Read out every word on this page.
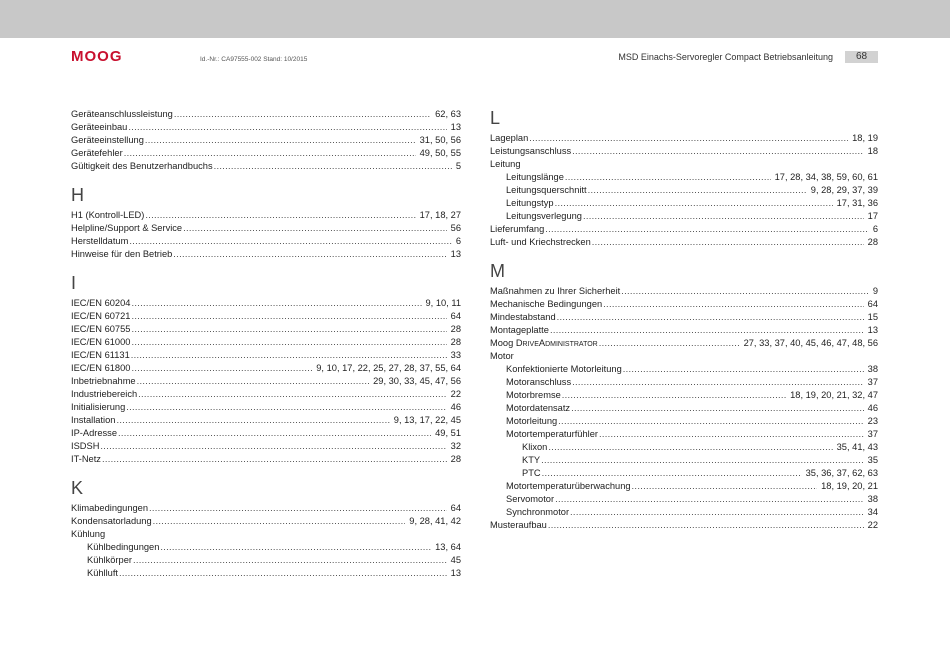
MOOG	Id.-Nr.: CA97555-002 Stand: 10/2015	MSD Einachs-Servoregler Compact Betriebsanleitung	68
Geräteanschlussleistung .....	62, 63
Geräteeinbau .....	13
Geräteeinstellung .....	31, 50, 56
Gerätefehler .....	49, 50, 55
Gültigkeit des Benutzerhandbuchs .....	5
H
H1 (Kontroll-LED) .....	17, 18, 27
Helpline/Support & Service .....	56
Herstelldatum .....	6
Hinweise für den Betrieb .....	13
I
IEC/EN 60204 .....	9, 10, 11
IEC/EN 60721 .....	64
IEC/EN 60755 .....	28
IEC/EN 61000 .....	28
IEC/EN 61131 .....	33
IEC/EN 61800 .....	9, 10, 17, 22, 25, 27, 28, 37, 55, 64
Inbetriebnahme .....	29, 30, 33, 45, 47, 56
Industriebereich .....	22
Initialisierung .....	46
Installation .....	9, 13, 17, 22, 45
IP-Adresse .....	49, 51
ISDSH .....	32
IT-Netz .....	28
K
Klimabedingungen .....	64
Kondensatorladung .....	9, 28, 41, 42
Kühlung
Kühlbedingungen .....	13, 64
Kühlkörper .....	45
Kühlluft .....	13
L
Lageplan .....	18, 19
Leistungsanschluss .....	18
Leitung
Leitungslänge .....	17, 28, 34, 38, 59, 60, 61
Leitungsquerschnitt .....	9, 28, 29, 37, 39
Leitungstyp .....	17, 31, 36
Leitungsverlegung .....	17
Lieferumfang .....	6
Luft- und Kriechstrecken .....	28
M
Maßnahmen zu Ihrer Sicherheit .....	9
Mechanische Bedingungen .....	64
Mindestabstand .....	15
Montageplatte .....	13
Moog DriveAdministrator .....	27, 33, 37, 40, 45, 46, 47, 48, 56
Motor
Konfektionierte Motorleitung .....	38
Motoranschluss .....	37
Motorbremse .....	18, 19, 20, 21, 32, 47
Motordatensatz .....	46
Motorleitung .....	23
Motortemperaturfühler .....	37
Klixon .....	35, 41, 43
KTY .....	35
PTC .....	35, 36, 37, 62, 63
Motortemperaturüberwachung .....	18, 19, 20, 21
Servomotor .....	38
Synchronmotor .....	34
Musteraufbau .....	22
